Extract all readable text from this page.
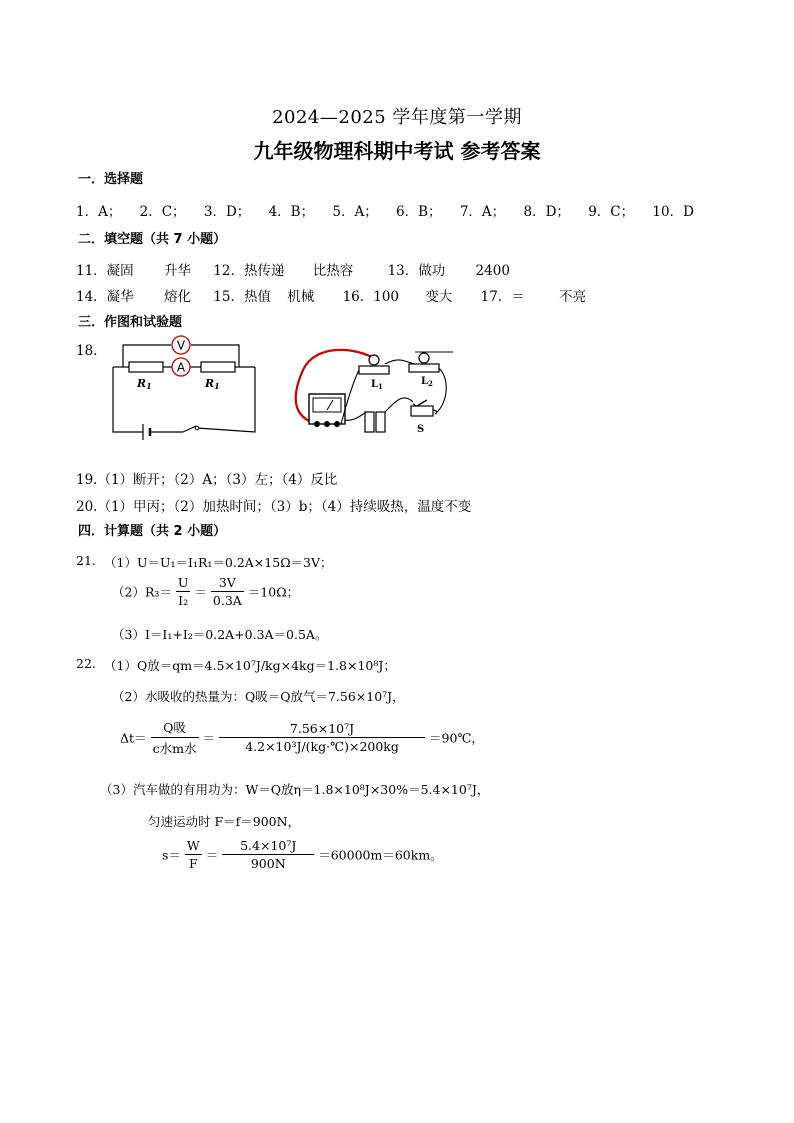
2024—2025 学年度第一学期
九年级物理科期中考试 参考答案
一．选择题
1．A； 2．C； 3．D； 4．B； 5．A； 6．B； 7．A； 8．D； 9．C； 10．D
二．填空题（共 7 小题）
11．凝固 升华 12．热传递 比热容	13．做功 2400
14．凝华 熔化 15．热值 机械 16．100 变大 17．＝	不亮
三．作图和试验题
18.	V
A
R1	R1	$L_1$	$L_2$
S
19.（1）断开；（2）A；（3）左；（4）反比
20.（1）甲丙；（2）加热时间；（3）b；（4）持续吸热，温度不变
四．计算题（共 2 小题）
21. （1）U＝U₁＝I₁R₁＝0.2A×15Ω＝3V；
$(2)R_3= \frac{U}{\text{I₂}} = \frac{3V}{0.3A} =10\Omega$；
（3）I＝I₁+I₂＝0.2A+0.3A＝0.5A。
22. （1）Q放＝qm＝4.5×10⁷J/kg×4kg＝1.8×10⁸J；
（2）水吸收的热量为：Q吸＝Q放气＝7.56×10⁷J，
$\Delta t= \frac{\text{Q吸}}{\text{c水m水}} = \frac{\text{7.56×10⁷J}}{\text{4.2×10³J/(kg·℃)×200kg}}$ ＝90℃，
（3）汽车做的有用功为：W＝Q放η＝1.8×10⁸J×30%＝5.4×10⁷J，
匀速运动时 F＝f＝900N，
$s= \frac{W}{F} = \frac{\text{5.4×10⁷J}}{900N} =60000m=60km$。
